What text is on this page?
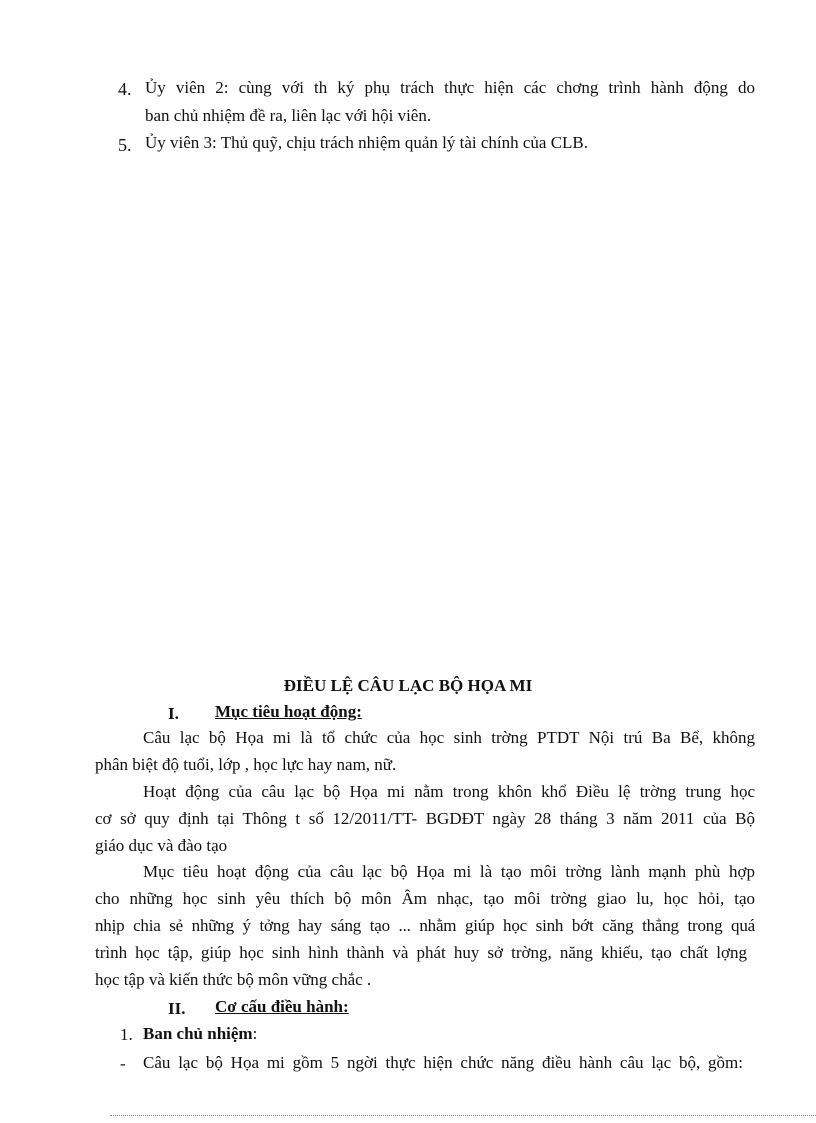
4. Ủy viên 2: cùng với th ký phụ trách thực hiện các chơng trình hành động do
ban chủ nhiệm đề ra, liên lạc với hội viên.
5. Ủy viên 3: Thủ quỹ, chịu trách nhiệm quản lý tài chính của CLB.
ĐIỀU LỆ CÂU LẠC BỘ HỌA MI
I. Mục tiêu hoạt động:
Câu lạc bộ Họa mi là tổ chức của học sinh trờng PTDT Nội trú Ba Bể, không
phân biệt độ tuổi, lớp , học lực hay nam, nữ.
Hoạt động của câu lạc bộ Họa mi nằm trong khôn khổ Điều lệ trờng trung học
cơ sở quy định tại Thông t số 12/2011/TT- BGDĐT ngày 28 tháng 3 năm 2011 của Bộ
giáo dục và đào tạo
Mục tiêu hoạt động của câu lạc bộ Họa mi là tạo môi trờng lành mạnh phù hợp
cho những học sinh yêu thích bộ môn Âm nhạc, tạo môi trờng giao lu, học hỏi, tạo
nhịp chia sẻ những ý tởng hay sáng tạo ... nhằm giúp học sinh bớt căng thẳng trong quá
trình học tập, giúp học sinh hình thành và phát huy sở trờng, năng khiếu, tạo chất lợng
học tập và kiến thức bộ môn vững chắc .
II. Cơ cấu điều hành:
1. Ban chủ nhiệm:
- Câu lạc bộ Họa mi gồm 5 ngời thực hiện chức năng điều hành câu lạc bộ, gồm:
